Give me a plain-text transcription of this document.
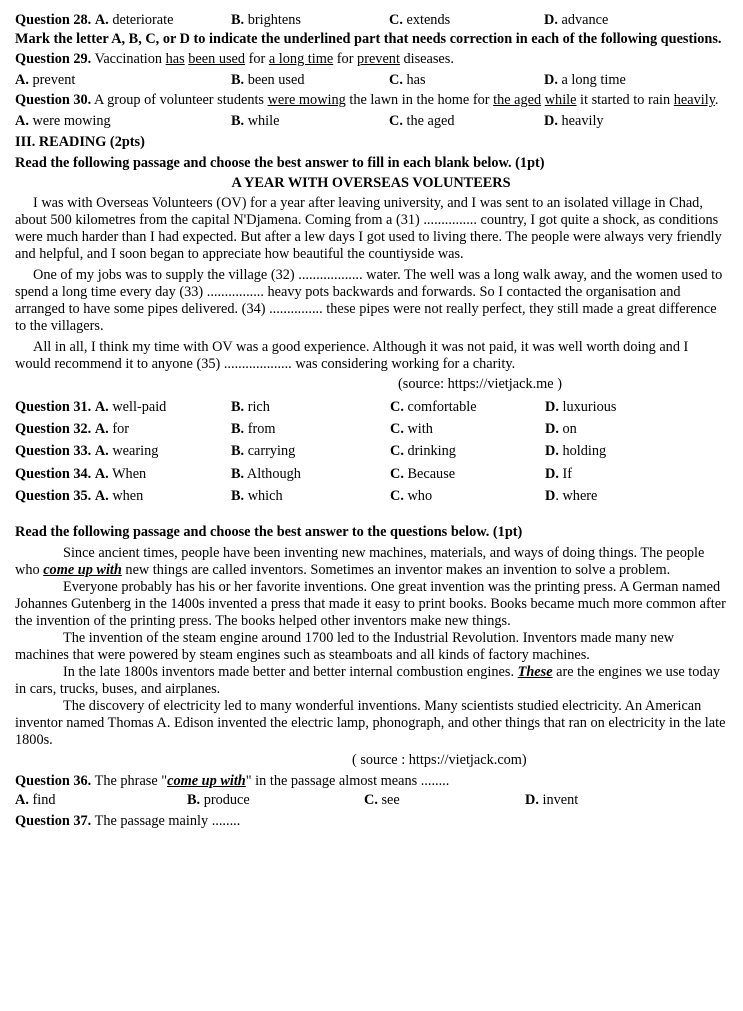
Question 28. A. deteriorate	B. brightens	C. extends	D. advance

Mark the letter A, B, C, or D to indicate the underlined part that needs correction in each of the following questions.

Question 29. Vaccination has been used for a long time for prevent diseases.

A. prevent	B. been used	C. has	D. a long time

Question 30. A group of volunteer students were mowing the lawn in the home for the aged while it started to rain heavily.

A. were mowing	B. while	C. the aged	D. heavily

III. READING (2pts)

Read the following passage and choose the best answer to fill in each blank below. (1pt)

A YEAR WITH OVERSEAS VOLUNTEERS

I was with Overseas Volunteers (OV) for a year after leaving university, and I was sent to an isolated village in Chad, about 500 kilometres from the capital N'Djamena. Coming from a (31) ............... country, I got quite a shock, as conditions were much harder than I had expected. But after a lew days I got used to living there. The people were always very friendly and helpful, and I soon began to appreciate how beautiful the countiyside was.

One of my jobs was to supply the village (32) .................. water. The well was a long walk away, and the women used to spend a long time every day (33) ................ heavy pots backwards and forwards. So I contacted the organisation and arranged to have some pipes delivered. (34) ............... these pipes were not really perfect, they still made a great difference to the villagers.

All in all, I think my time with OV was a good experience. Although it was not paid, it was well worth doing and I would recommend it to anyone (35) ................... was considering working for a charity.

(source: https://vietjack.me )

Question 31. A. well-paid	B. rich	C. comfortable	D. luxurious
Question 32. A. for	B. from	C. with	D. on
Question 33. A. wearing	B. carrying	C. drinking	D. holding
Question 34. A. When	B. Although	C. Because	D. If
Question 35. A. when	B. which	C. who	D. where

Read the following passage and choose the best answer to the questions below. (1pt)

Since ancient times, people have been inventing new machines, materials, and ways of doing things. The people who come up with new things are called inventors. Sometimes an inventor makes an invention to solve a problem.

Everyone probably has his or her favorite inventions. One great invention was the printing press. A German named Johannes Gutenberg in the 1400s invented a press that made it easy to print books. Books became much more common after the invention of the printing press. The books helped other inventors make new things.

The invention of the steam engine around 1700 led to the Industrial Revolution. Inventors made many new machines that were powered by steam engines such as steamboats and all kinds of factory machines.

In the late 1800s inventors made better and better internal combustion engines. These are the engines we use today in cars, trucks, buses, and airplanes.

The discovery of electricity led to many wonderful inventions. Many scientists studied electricity. An American inventor named Thomas A. Edison invented the electric lamp, phonograph, and other things that ran on electricity in the late 1800s.

( source : https://vietjack.com)

Question 36. The phrase "come up with" in the passage almost means ........

A. find	B. produce	C. see	D. invent

Question 37. The passage mainly ........
